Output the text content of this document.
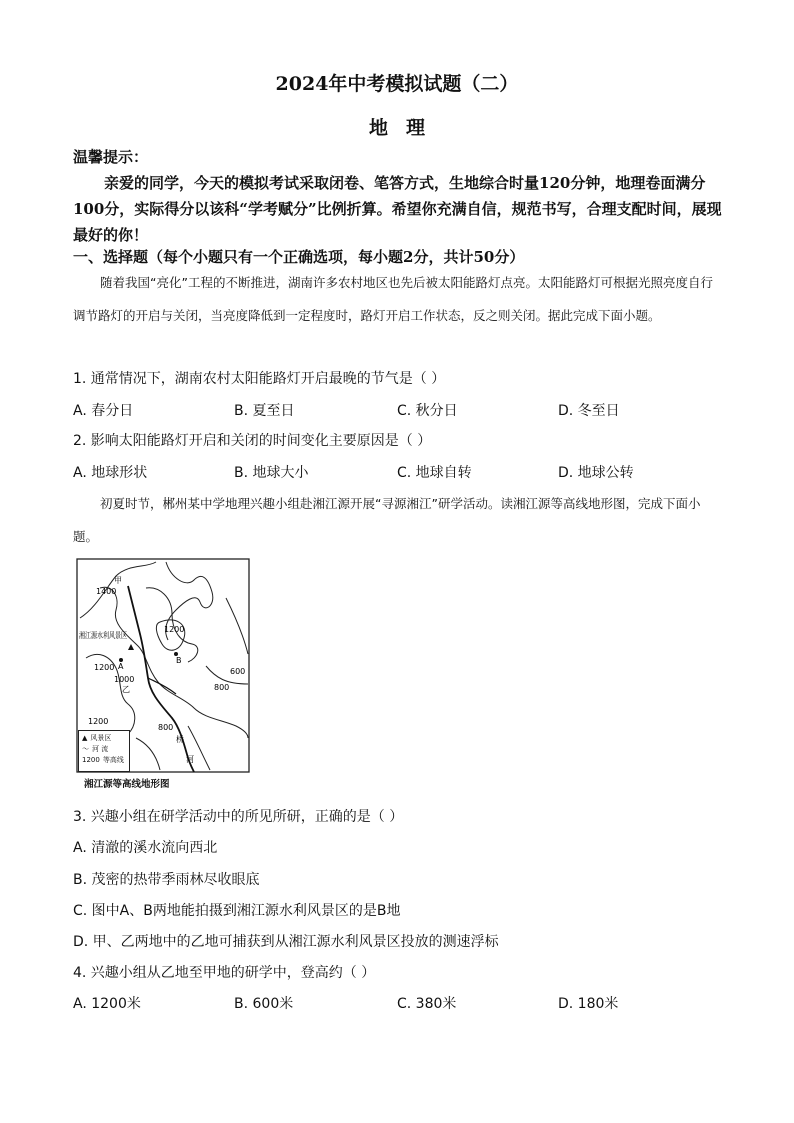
2024年中考模拟试题（二）
地理
温馨提示：
亲爱的同学，今天的模拟考试采取闭卷、笔答方式，生地综合时量120分钟，地理卷面满分100分，实际得分以该科“学考赋分”比例折算。希望你充满自信，规范书写，合理支配时间，展现最好的你！
一、选择题（每个小题只有一个正确选项，每小题2分，共计50分）
随着我国“亮化”工程的不断推进，湖南许多农村地区也先后被太阳能路灯点亮。太阳能路灯可根据光照亮度自行调节路灯的开启与关闭，当亮度降低到一定程度时，路灯开启工作状态，反之则关闭。据此完成下面小题。
1. 通常情况下，湖南农村太阳能路灯开启最晚的节气是（ ）
A. 春分日	B. 夏至日	C. 秋分日	D. 冬至日
2. 影响太阳能路灯开启和关闭的时间变化主要原因是（ ）
A. 地球形状	B. 地球大小	C. 地球自转	D. 地球公转
初夏时节，郴州某中学地理兴趣小组赴湘江源开展“寻源湘江”研学活动。读湘江源等高线地形图，完成下面小题。
1400
甲
1200
湘江源水利风景区
1200 A
B
1000
乙
600
800
800
1200
桥
河
▲ 风景区
〜 河 流
1200 等高线
湘江源等高线地形图
3. 兴趣小组在研学活动中的所见所研，正确的是（ ）
A. 清澈的溪水流向西北
B. 茂密的热带季雨林尽收眼底
C. 图中A、B两地能拍摄到湘江源水利风景区的是B地
D. 甲、乙两地中的乙地可捕获到从湘江源水利风景区投放的测速浮标
4. 兴趣小组从乙地至甲地的研学中，登高约（ ）
A. 1200米	B. 600米	C. 380米	D. 180米
